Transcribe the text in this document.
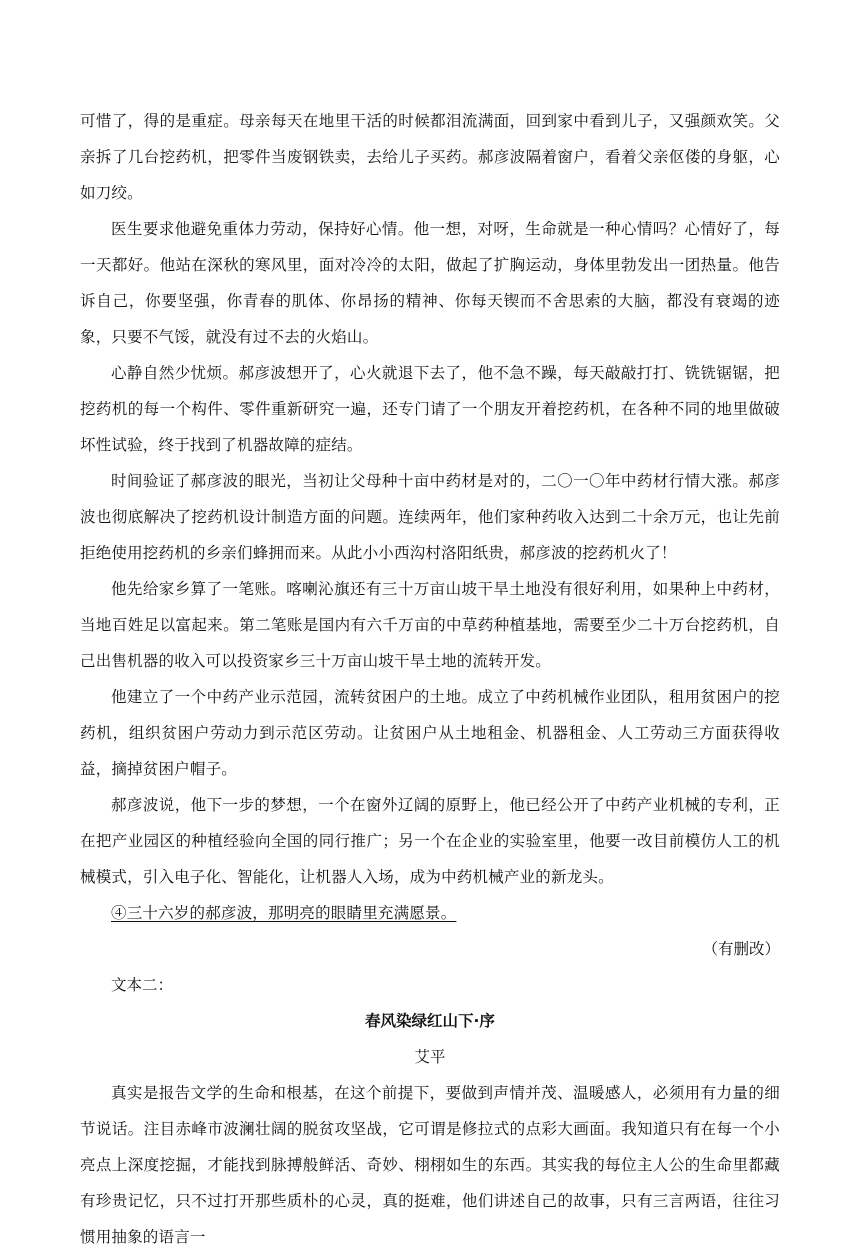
可惜了，得的是重症。母亲每天在地里干活的时候都泪流满面，回到家中看到儿子，又强颜欢笑。父亲拆了几台挖药机，把零件当废钢铁卖，去给儿子买药。郝彦波隔着窗户，看着父亲伛偻的身躯，心如刀绞。

医生要求他避免重体力劳动，保持好心情。他一想，对呀，生命就是一种心情吗？心情好了，每一天都好。他站在深秋的寒风里，面对冷冷的太阳，做起了扩胸运动，身体里勃发出一团热量。他告诉自己，你要坚强，你青春的肌体、你昂扬的精神、你每天锲而不舍思索的大脑，都没有衰竭的迹象，只要不气馁，就没有过不去的火焰山。

心静自然少忧烦。郝彦波想开了，心火就退下去了，他不急不躁，每天敲敲打打、铣铣锯锯，把挖药机的每一个构件、零件重新研究一遍，还专门请了一个朋友开着挖药机，在各种不同的地里做破坏性试验，终于找到了机器故障的症结。

时间验证了郝彦波的眼光，当初让父母种十亩中药材是对的，二〇一〇年中药材行情大涨。郝彦波也彻底解决了挖药机设计制造方面的问题。连续两年，他们家种药收入达到二十余万元，也让先前拒绝使用挖药机的乡亲们蜂拥而来。从此小小西沟村洛阳纸贵，郝彦波的挖药机火了！

他先给家乡算了一笔账。喀喇沁旗还有三十万亩山坡干旱土地没有很好利用，如果种上中药材，当地百姓足以富起来。第二笔账是国内有六千万亩的中草药种植基地，需要至少二十万台挖药机，自己出售机器的收入可以投资家乡三十万亩山坡干旱土地的流转开发。

他建立了一个中药产业示范园，流转贫困户的土地。成立了中药机械作业团队，租用贫困户的挖药机，组织贫困户劳动力到示范区劳动。让贫困户从土地租金、机器租金、人工劳动三方面获得收益，摘掉贫困户帽子。

郝彦波说，他下一步的梦想，一个在窗外辽阔的原野上，他已经公开了中药产业机械的专利，正在把产业园区的种植经验向全国的同行推广；另一个在企业的实验室里，他要一改目前模仿人工的机械模式，引入电子化、智能化，让机器人入场，成为中药机械产业的新龙头。

④三十六岁的郝彦波，那明亮的眼睛里充满愿景。

（有删改）

文本二：

春风染绿红山下·序

艾平

真实是报告文学的生命和根基，在这个前提下，要做到声情并茂、温暖感人，必须用有力量的细节说话。注目赤峰市波澜壮阔的脱贫攻坚战，它可谓是修拉式的点彩大画面。我知道只有在每一个小亮点上深度挖掘，才能找到脉搏般鲜活、奇妙、栩栩如生的东西。其实我的每位主人公的生命里都藏有珍贵记忆，只不过打开那些质朴的心灵，真的挺难，他们讲述自己的故事，只有三言两语，往往习惯用抽象的语言一
